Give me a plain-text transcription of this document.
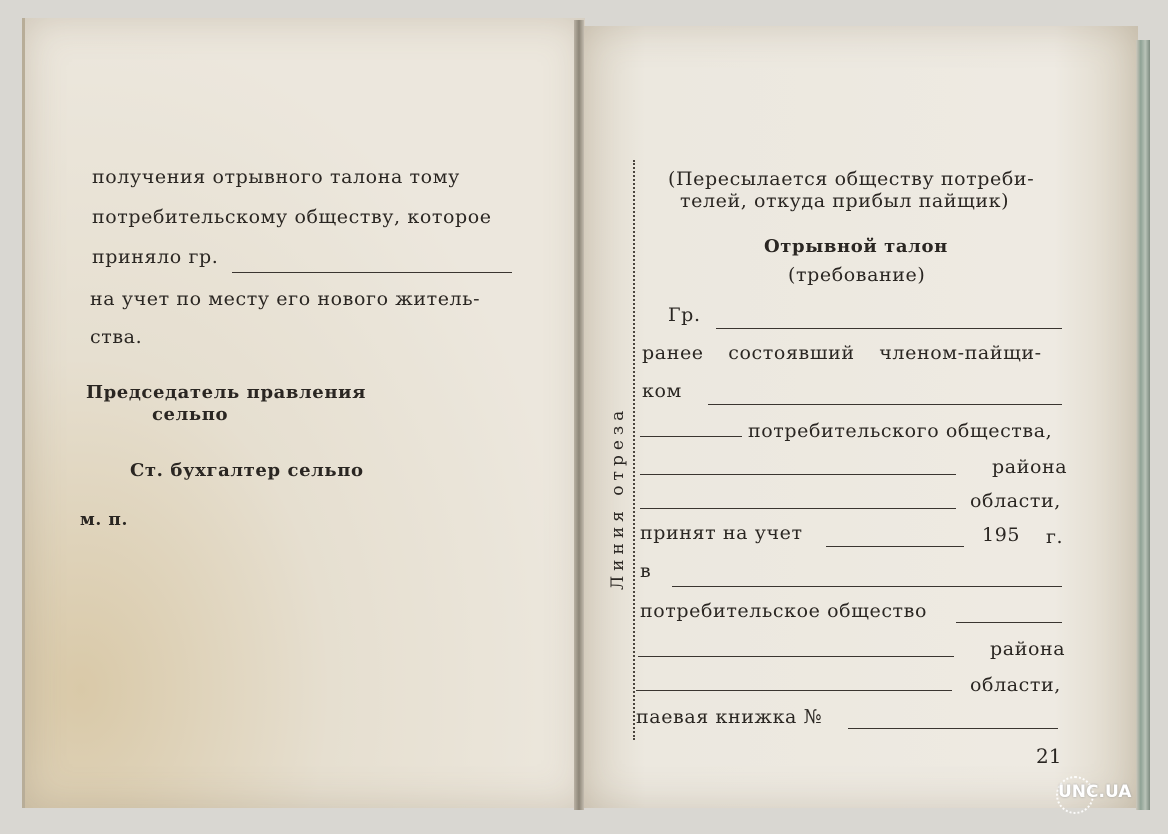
получения отрывного талона тому
потребительскому обществу, которое
приняло гр.
на учет по месту его нового житель-
ства.
Председатель правления
сельпо
Ст. бухгалтер сельпо
м. п.	Линия отреза
(Пересылается обществу потреби-
телей, откуда прибыл пайщик)
Отрывной талон
(требование)
Гр.
ранее состоявший членом-пайщи-
ком
потребительского общества,
района
области,
принят на учет	195 г.
в
потребительское общество
района
области,
паевая книжка №
21
UNC.UA
